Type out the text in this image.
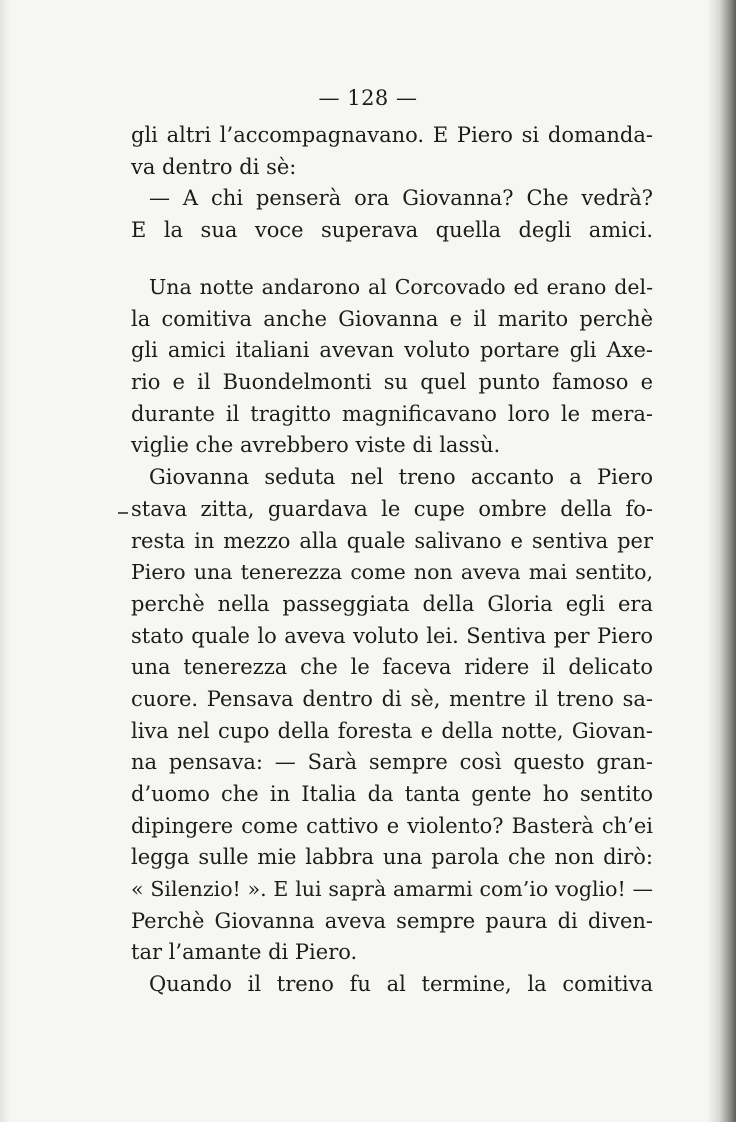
— 128 —
gli altri l’accompagnavano. E Piero si domanda-
va dentro di sè:
— A chi penserà ora Giovanna? Che vedrà?
E la sua voce superava quella degli amici.
Una notte andarono al Corcovado ed erano del-
la comitiva anche Giovanna e il marito perchè
gli amici italiani avevan voluto portare gli Axe-
rio e il Buondelmonti su quel punto famoso e
durante il tragitto magnificavano loro le mera-
viglie che avrebbero viste di lassù.
Giovanna seduta nel treno accanto a Piero
stava zitta, guardava le cupe ombre della fo-
resta in mezzo alla quale salivano e sentiva per
Piero una tenerezza come non aveva mai sentito,
perchè nella passeggiata della Gloria egli era
stato quale lo aveva voluto lei. Sentiva per Piero
una tenerezza che le faceva ridere il delicato
cuore. Pensava dentro di sè, mentre il treno sa-
liva nel cupo della foresta e della notte, Giovan-
na pensava: — Sarà sempre così questo gran-
d’uomo che in Italia da tanta gente ho sentito
dipingere come cattivo e violento? Basterà ch’ei
legga sulle mie labbra una parola che non dirò:
« Silenzio! ». E lui saprà amarmi com’io voglio! —
Perchè Giovanna aveva sempre paura di diven-
tar l’amante di Piero.
Quando il treno fu al termine, la comitiva
